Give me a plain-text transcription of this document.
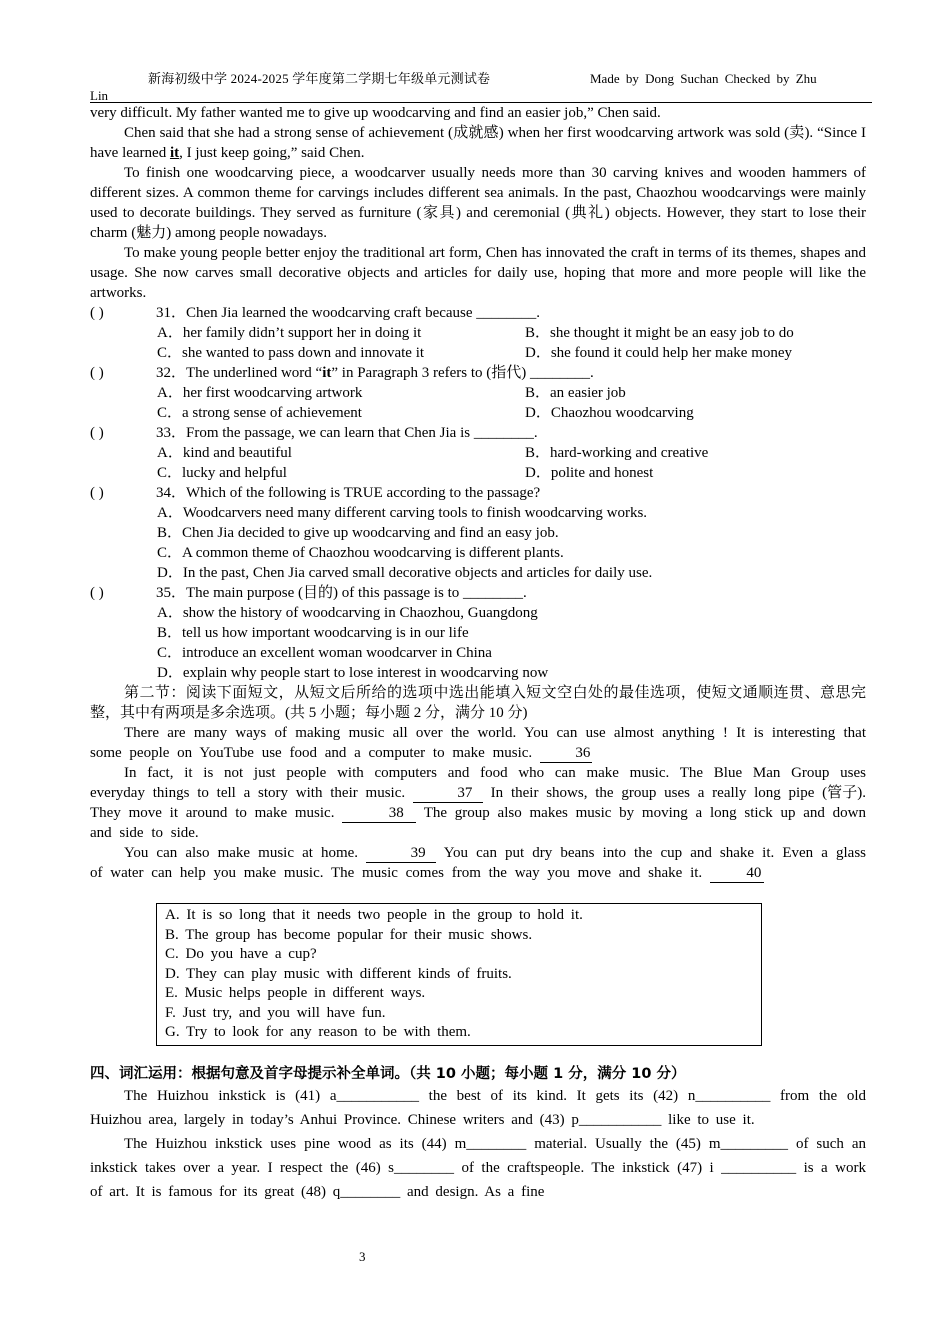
新海初级中学 2024-2025 学年度第二学期七年级单元测试卷	Made by Dong Suchan Checked by Zhu
Lin

very difficult. My father wanted me to give up woodcarving and find an easier job,” Chen said.

Chen said that she had a strong sense of achievement (成就感) when her first woodcarving artwork was sold (卖). “Since I have learned it, I just keep going,” said Chen.

To finish one woodcarving piece, a woodcarver usually needs more than 30 carving knives and wooden hammers of different sizes. A common theme for carvings includes different sea animals. In the past, Chaozhou woodcarvings were mainly used to decorate buildings. They served as furniture (家具) and ceremonial (典礼) objects. However, they start to lose their charm (魅力) among people nowadays.

To make young people better enjoy the traditional art form, Chen has innovated the craft in terms of its themes, shapes and usage. She now carves small decorative objects and articles for daily use, hoping that more and more people will like the artworks.

( )	31．Chen Jia learned the woodcarving craft because ________.
A．her family didn’t support her in doing it	B．she thought it might be an easy job to do
C．she wanted to pass down and innovate it	D．she found it could help her make money
( )	32．The underlined word “it” in Paragraph 3 refers to (指代) ________.
A．her first woodcarving artwork	B．an easier job
C．a strong sense of achievement	D．Chaozhou woodcarving
( )	33．From the passage, we can learn that Chen Jia is ________.
A．kind and beautiful	B．hard-working and creative
C．lucky and helpful	D．polite and honest
( )	34．Which of the following is TRUE according to the passage?
A．Woodcarvers need many different carving tools to finish woodcarving works.
B．Chen Jia decided to give up woodcarving and find an easy job.
C．A common theme of Chaozhou woodcarving is different plants.
D．In the past, Chen Jia carved small decorative objects and articles for daily use.
( )	35．The main purpose (目的) of this passage is to ________.
A．show the history of woodcarving in Chaozhou, Guangdong
B．tell us how important woodcarving is in our life
C．introduce an excellent woman woodcarver in China
D．explain why people start to lose interest in woodcarving now

第二节：阅读下面短文，从短文后所给的选项中选出能填入短文空白处的最佳选项，使短文通顺连贯、意思完整，其中有两项是多余选项。(共 5 小题；每小题 2 分，满分 10 分)

There are many ways of making music all over the world. You can use almost anything ! It is interesting that some people on YouTube use food and a computer to make music.	36

In fact, it is not just people with computers and food who can make music. The Blue Man Group uses everyday things to tell a story with their music.	37 In their shows, the group uses a really long pipe (管子). They move it around to make music.	38 The group also makes music by moving a long stick up and down and side to side.

You can also make music at home.	39 You can put dry beans into the cup and shake it. Even a glass of water can help you make music. The music comes from the way you move and shake it.	40

A. It is so long that it needs two people in the group to hold it.
B. The group has become popular for their music shows.
C. Do you have a cup?
D. They can play music with different kinds of fruits.
E. Music helps people in different ways.
F. Just try, and you will have fun.
G. Try to look for any reason to be with them.
四、词汇运用：根据句意及首字母提示补全单词。（共 10 小题；每小题 1 分，满分 10 分）

The Huizhou inkstick is (41) a___________ the best of its kind. It gets its (42) n__________ from the old Huizhou area, largely in today’s Anhui Province. Chinese writers and (43) p___________ like to use it.

The Huizhou inkstick uses pine wood as its (44) m________ material. Usually the (45) m_________ of such an inkstick takes over a year. I respect the (46) s________ of the craftspeople. The inkstick (47) i __________ is a work of art. It is famous for its great (48) q________ and design. As a fine

3
